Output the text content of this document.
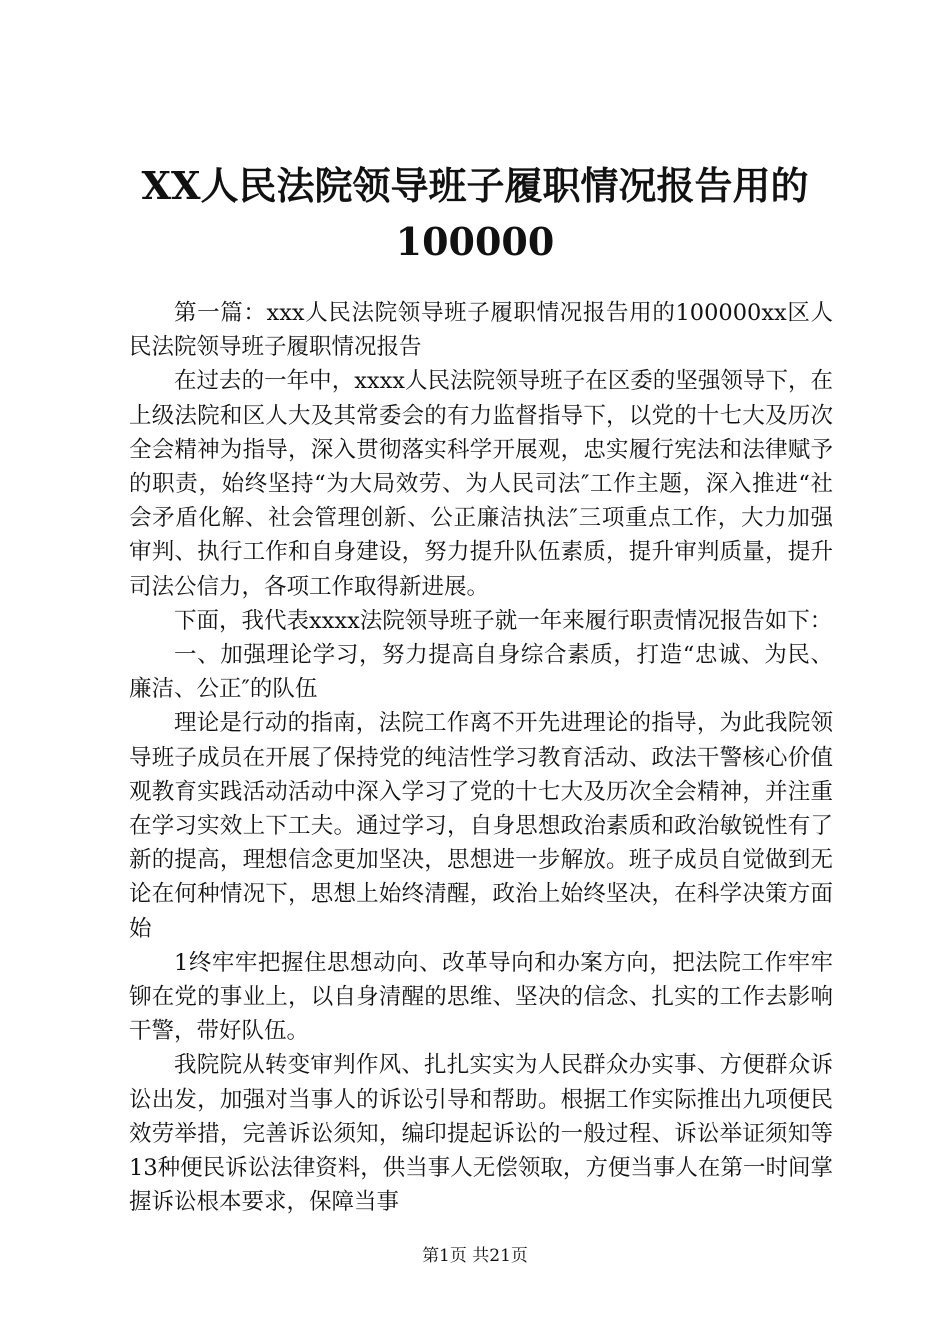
XX人民法院领导班子履职情况报告用的
100000

第一篇：xxx人民法院领导班子履职情况报告用的100000xx区人民法院领导班子履职情况报告

在过去的一年中，xxxx人民法院领导班子在区委的坚强领导下，在上级法院和区人大及其常委会的有力监督指导下，以党的十七大及历次全会精神为指导，深入贯彻落实科学开展观，忠实履行宪法和法律赋予的职责，始终坚持“为大局效劳、为人民司法″工作主题，深入推进“社会矛盾化解、社会管理创新、公正廉洁执法″三项重点工作，大力加强审判、执行工作和自身建设，努力提升队伍素质，提升审判质量，提升司法公信力，各项工作取得新进展。

下面，我代表xxxx法院领导班子就一年来履行职责情况报告如下：

一、加强理论学习，努力提高自身综合素质，打造“忠诚、为民、廉洁、公正″的队伍

理论是行动的指南，法院工作离不开先进理论的指导，为此我院领导班子成员在开展了保持党的纯洁性学习教育活动、政法干警核心价值观教育实践活动活动中深入学习了党的十七大及历次全会精神，并注重在学习实效上下工夫。通过学习，自身思想政治素质和政治敏锐性有了新的提高，理想信念更加坚决，思想进一步解放。班子成员自觉做到无论在何种情况下，思想上始终清醒，政治上始终坚决，在科学决策方面始

1终牢牢把握住思想动向、改革导向和办案方向，把法院工作牢牢铆在党的事业上，以自身清醒的思维、坚决的信念、扎实的工作去影响干警，带好队伍。

我院院从转变审判作风、扎扎实实为人民群众办实事、方便群众诉讼出发，加强对当事人的诉讼引导和帮助。根据工作实际推出九项便民效劳举措，完善诉讼须知，编印提起诉讼的一般过程、诉讼举证须知等13种便民诉讼法律资料，供当事人无偿领取，方便当事人在第一时间掌握诉讼根本要求，保障当事

第1页 共21页
